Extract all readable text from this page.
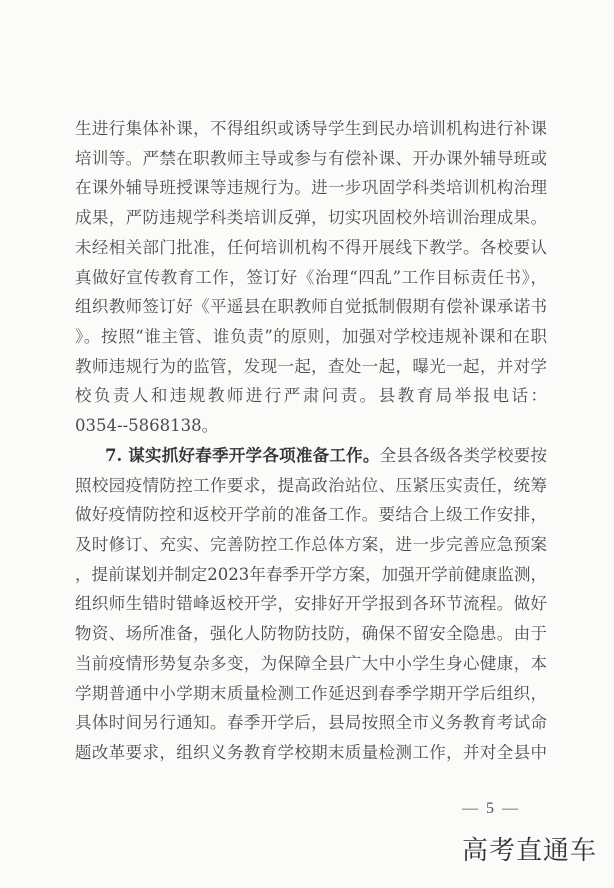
生进行集体补课，不得组织或诱导学生到民办培训机构进行补课
培训等。严禁在职教师主导或参与有偿补课、开办课外辅导班或
在课外辅导班授课等违规行为。进一步巩固学科类培训机构治理
成果，严防违规学科类培训反弹，切实巩固校外培训治理成果。
未经相关部门批准，任何培训机构不得开展线下教学。各校要认
真做好宣传教育工作，签订好《治理“四乱”工作目标责任书》，
组织教师签订好《平遥县在职教师自觉抵制假期有偿补课承诺书
》。按照“谁主管、谁负责”的原则，加强对学校违规补课和在职
教师违规行为的监管，发现一起，查处一起，曝光一起，并对学
校负责人和违规教师进行严肃问责。县教育局举报电话：
0354--5868138。
7. 谋实抓好春季开学各项准备工作。全县各级各类学校要按
照校园疫情防控工作要求，提高政治站位、压紧压实责任，统筹
做好疫情防控和返校开学前的准备工作。要结合上级工作安排，
及时修订、充实、完善防控工作总体方案，进一步完善应急预案
，提前谋划并制定2023年春季开学方案，加强开学前健康监测，
组织师生错时错峰返校开学，安排好开学报到各环节流程。做好
物资、场所准备，强化人防物防技防，确保不留安全隐患。由于
当前疫情形势复杂多变，为保障全县广大中小学生身心健康，本
学期普通中小学期末质量检测工作延迟到春季学期开学后组织，
具体时间另行通知。春季开学后，县局按照全市义务教育考试命
题改革要求，组织义务教育学校期末质量检测工作，并对全县中
— 5 —
高考直通车
